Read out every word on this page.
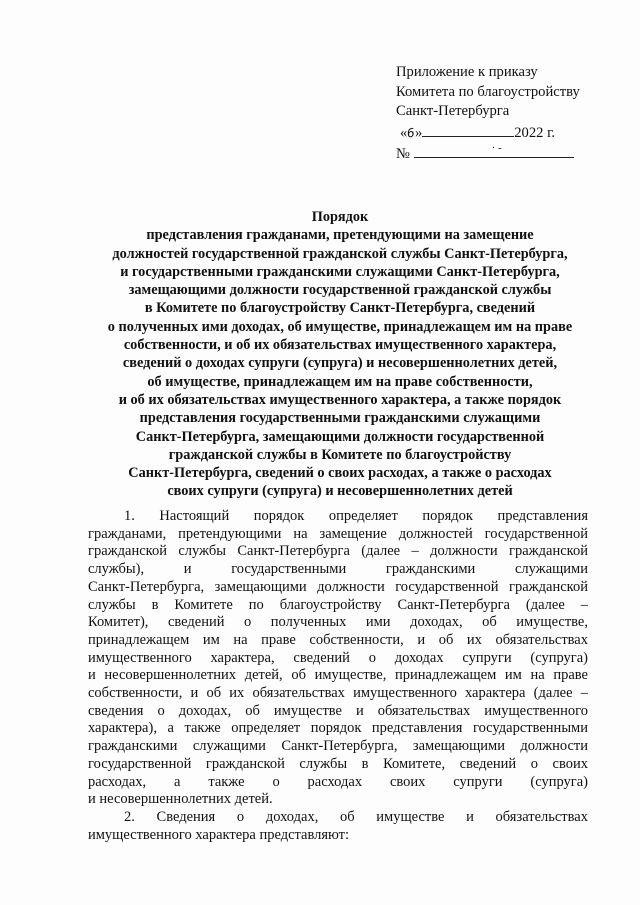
Приложение к приказу
Комитета по благоустройству
Санкт-Петербурга
«6»	2022 г.
№	· -
Порядок
представления гражданами, претендующими на замещение
должностей государственной гражданской службы Санкт-Петербурга,
и государственными гражданскими служащими Санкт-Петербурга,
замещающими должности государственной гражданской службы
в Комитете по благоустройству Санкт-Петербурга, сведений
о полученных ими доходах, об имуществе, принадлежащем им на праве
собственности, и об их обязательствах имущественного характера,
сведений о доходах супруги (супруга) и несовершеннолетних детей,
об имуществе, принадлежащем им на праве собственности,
и об их обязательствах имущественного характера, а также порядок
представления государственными гражданскими служащими
Санкт-Петербурга, замещающими должности государственной
гражданской службы в Комитете по благоустройству
Санкт-Петербурга, сведений о своих расходах, а также о расходах
своих супруги (супруга) и несовершеннолетних детей
1. Настоящий порядок определяет порядок представления
гражданами, претендующими на замещение должностей государственной
гражданской службы Санкт-Петербурга (далее – должности гражданской
службы), и государственными гражданскими служащими
Санкт-Петербурга, замещающими должности государственной гражданской
службы в Комитете по благоустройству Санкт-Петербурга (далее –
Комитет), сведений о полученных ими доходах, об имуществе,
принадлежащем им на праве собственности, и об их обязательствах
имущественного характера, сведений о доходах супруги (супруга)
и несовершеннолетних детей, об имуществе, принадлежащем им на праве
собственности, и об их обязательствах имущественного характера (далее –
сведения о доходах, об имуществе и обязательствах имущественного
характера), а также определяет порядок представления государственными
гражданскими служащими Санкт-Петербурга, замещающими должности
государственной гражданской службы в Комитете, сведений о своих
расходах, а также о расходах своих супруги (супруга)
и несовершеннолетних детей.
2. Сведения о доходах, об имуществе и обязательствах
имущественного характера представляют:
